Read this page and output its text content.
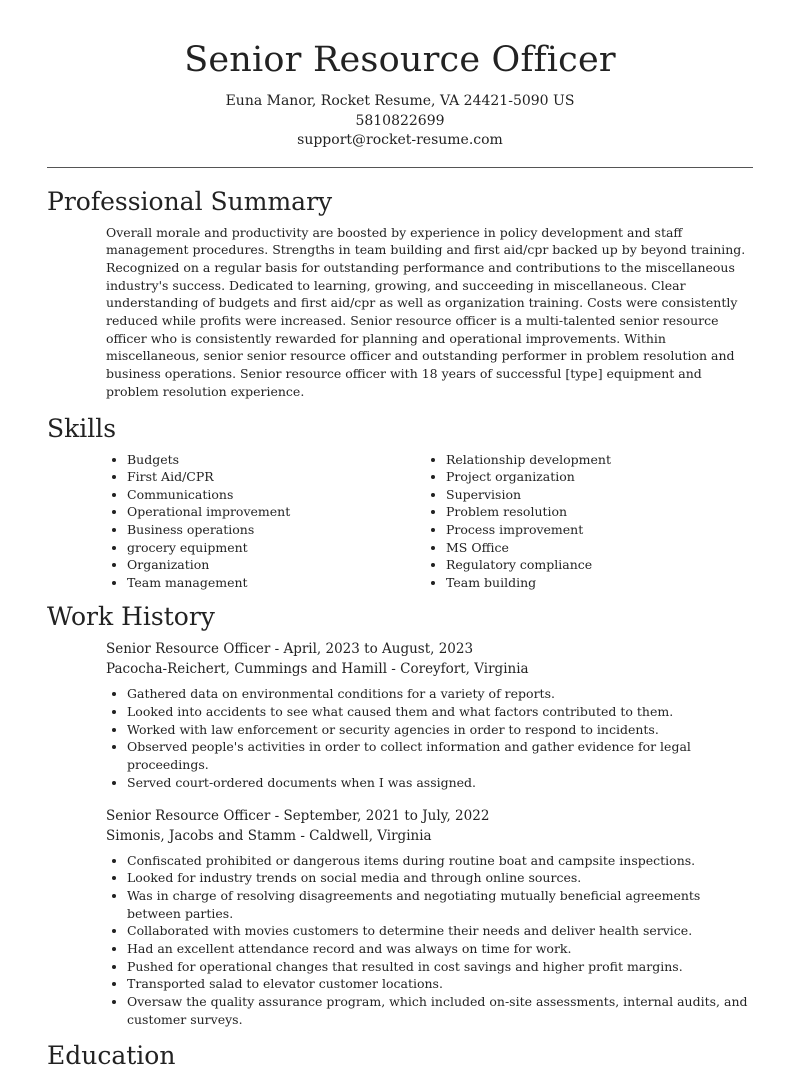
Senior Resource Officer
Euna Manor, Rocket Resume, VA 24421-5090 US
5810822699
support@rocket-resume.com
Professional Summary

Overall morale and productivity are boosted by experience in policy development and staff management procedures. Strengths in team building and first aid/cpr backed up by beyond training. Recognized on a regular basis for outstanding performance and contributions to the miscellaneous industry's success. Dedicated to learning, growing, and succeeding in miscellaneous. Clear understanding of budgets and first aid/cpr as well as organization training. Costs were consistently reduced while profits were increased. Senior resource officer is a multi-talented senior resource officer who is consistently rewarded for planning and operational improvements. Within miscellaneous, senior senior resource officer and outstanding performer in problem resolution and business operations. Senior resource officer with 18 years of successful [type] equipment and problem resolution experience.

Skills
• Budgets
• First Aid/CPR
• Communications
• Operational improvement
• Business operations
• grocery equipment
• Organization
• Team management
• Relationship development
• Project organization
• Supervision
• Problem resolution
• Process improvement
• MS Office
• Regulatory compliance
• Team building
Work History
Senior Resource Officer - April, 2023 to August, 2023
Pacocha-Reichert, Cummings and Hamill - Coreyfort, Virginia
• Gathered data on environmental conditions for a variety of reports.
• Looked into accidents to see what caused them and what factors contributed to them.
• Worked with law enforcement or security agencies in order to respond to incidents.
• Observed people's activities in order to collect information and gather evidence for legal proceedings.
• Served court-ordered documents when I was assigned.
Senior Resource Officer - September, 2021 to July, 2022
Simonis, Jacobs and Stamm - Caldwell, Virginia
• Confiscated prohibited or dangerous items during routine boat and campsite inspections.
• Looked for industry trends on social media and through online sources.
• Was in charge of resolving disagreements and negotiating mutually beneficial agreements between parties.
• Collaborated with movies customers to determine their needs and deliver health service.
• Had an excellent attendance record and was always on time for work.
• Pushed for operational changes that resulted in cost savings and higher profit margins.
• Transported salad to elevator customer locations.
• Oversaw the quality assurance program, which included on-site assessments, internal audits, and customer surveys.
Education
